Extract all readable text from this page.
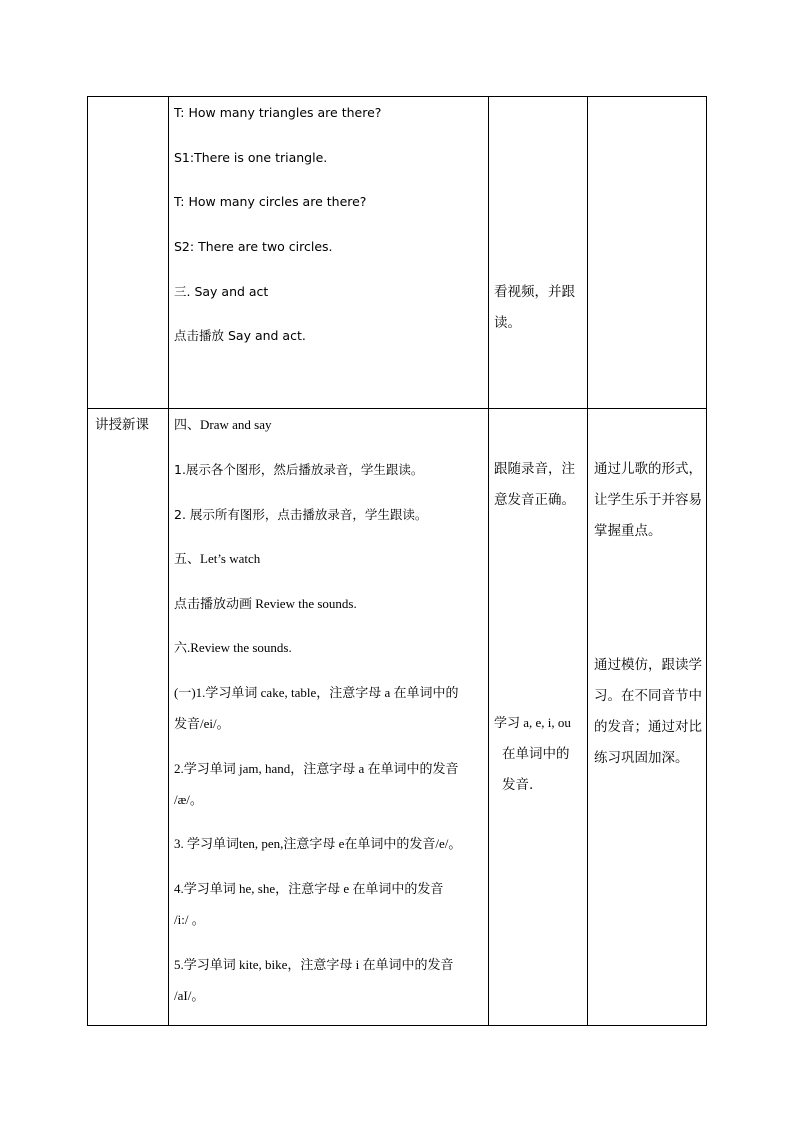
T: How many triangles are there?
S1:There is one triangle.
T: How many circles are there?
S2: There are two circles.
三. Say and act
点击播放 Say and act.
看视频，并跟读。
讲授新课 四、Draw and say
1.展示各个图形，然后播放录音，学生跟读。
2. 展示所有图形，点击播放录音，学生跟读。
五、Let’s watch
点击播放动画 Review the sounds.
六.Review the sounds.
(一)1.学习单词 cake, table，注意字母 a 在单词中的
发音/ei/。
2.学习单词 jam, hand，注意字母 a 在单词中的发音
/æ/。
3. 学习单词ten, pen,注意字母 e在单词中的发音/e/。
4.学习单词 he, she，注意字母 e 在单词中的发音
/i:/ 。
5.学习单词 kite, bike，注意字母 i 在单词中的发音
/aI/。
跟随录音，注意发音正确。
学习 a, e, i, ou
在单词中的
发音.
通过儿歌的形式，让学生乐于并容易掌握重点。
通过模仿，跟读学习。在不同音节中的发音；通过对比练习巩固加深。
